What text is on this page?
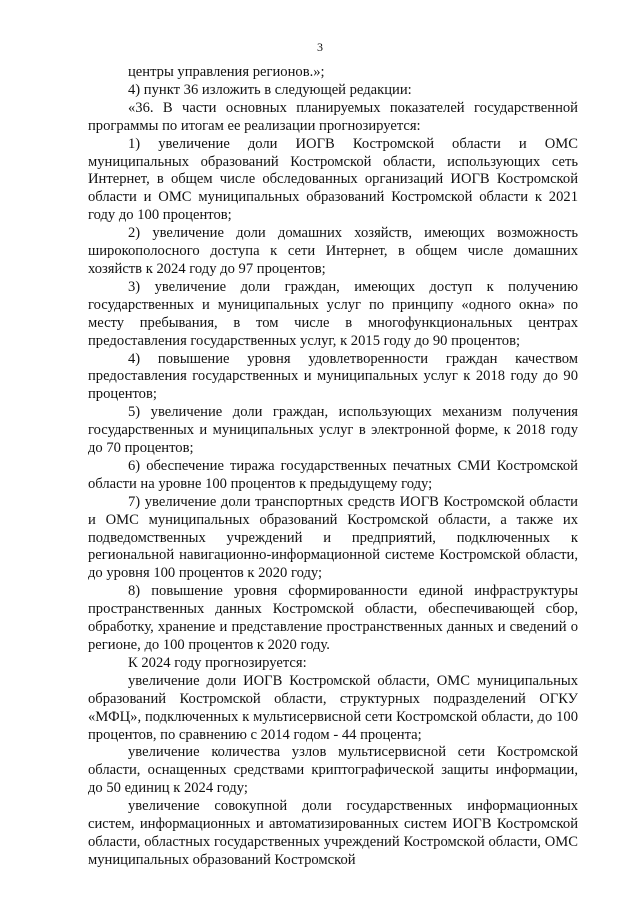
3

центры управления регионов.»;

4) пункт 36 изложить в следующей редакции:

«36. В части основных планируемых показателей государственной программы по итогам ее реализации прогнозируется:

1) увеличение доли ИОГВ Костромской области и ОМС муниципальных образований Костромской области, использующих сеть Интернет, в общем числе обследованных организаций ИОГВ Костромской области и ОМС муниципальных образований Костромской области к 2021 году до 100 процентов;

2) увеличение доли домашних хозяйств, имеющих возможность широкополосного доступа к сети Интернет, в общем числе домашних хозяйств к 2024 году до 97 процентов;

3) увеличение доли граждан, имеющих доступ к получению государственных и муниципальных услуг по принципу «одного окна» по месту пребывания, в том числе в многофункциональных центрах предоставления государственных услуг, к 2015 году до 90 процентов;

4) повышение уровня удовлетворенности граждан качеством предоставления государственных и муниципальных услуг к 2018 году до 90 процентов;

5) увеличение доли граждан, использующих механизм получения государственных и муниципальных услуг в электронной форме, к 2018 году до 70 процентов;

6) обеспечение тиража государственных печатных СМИ Костромской области на уровне 100 процентов к предыдущему году;

7) увеличение доли транспортных средств ИОГВ Костромской области и ОМС муниципальных образований Костромской области, а также их подведомственных учреждений и предприятий, подключенных к региональной навигационно-информационной системе Костромской области, до уровня 100 процентов к 2020 году;

8) повышение уровня сформированности единой инфраструктуры пространственных данных Костромской области, обеспечивающей сбор, обработку, хранение и представление пространственных данных и сведений о регионе, до 100 процентов к 2020 году.

К 2024 году прогнозируется:

увеличение доли ИОГВ Костромской области, ОМС муниципальных образований Костромской области, структурных подразделений ОГКУ «МФЦ», подключенных к мультисервисной сети Костромской области, до 100 процентов, по сравнению с 2014 годом - 44 процента;

увеличение количества узлов мультисервисной сети Костромской области, оснащенных средствами криптографической защиты информации, до 50 единиц к 2024 году;

увеличение совокупной доли государственных информационных систем, информационных и автоматизированных систем ИОГВ Костромской области, областных государственных учреждений Костромской области, ОМС муниципальных образований Костромской
